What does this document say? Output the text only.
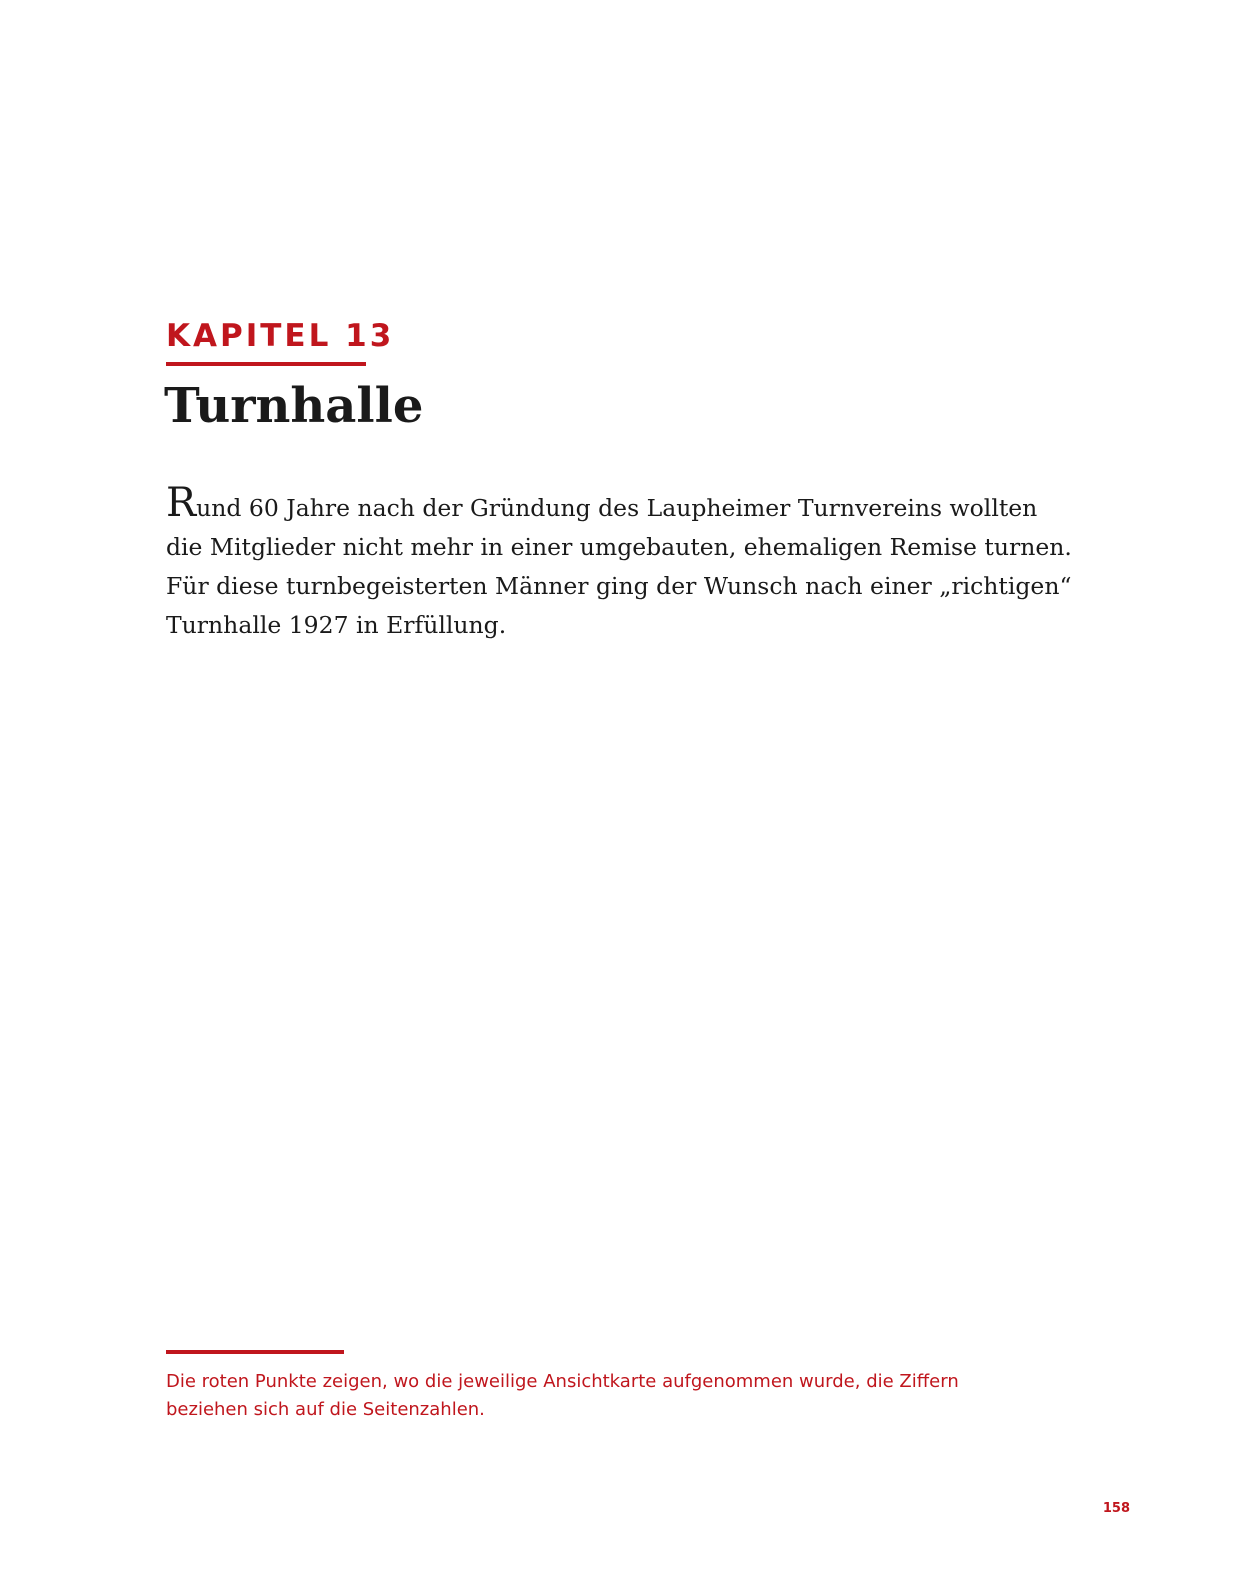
KAPITEL 13
Turnhalle
Rund 60 Jahre nach der Gründung des Laupheimer Turnvereins wollten
die Mitglieder nicht mehr in einer umgebauten, ehemaligen Remise turnen.
Für diese turnbegeisterten Männer ging der Wunsch nach einer „richtigen“
Turnhalle 1927 in Erfüllung.
Die roten Punkte zeigen, wo die jeweilige Ansichtkarte aufgenommen wurde, die Ziffern
beziehen sich auf die Seitenzahlen.
158
